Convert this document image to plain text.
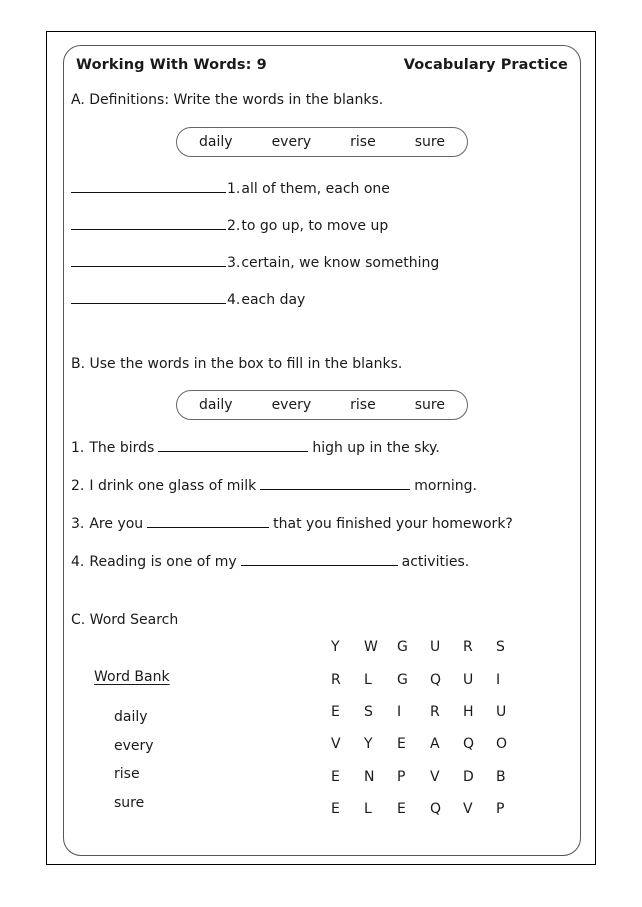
Working With Words: 9	Vocabulary Practice
A. Definitions: Write the words in the blanks.
daily	every	rise	sure
1. all of them, each one
2. to go up, to move up
3. certain, we know something
4. each day
B. Use the words in the box to fill in the blanks.
daily	every	rise	sure
1. The birds	high up in the sky.
2. I drink one glass of milk	morning.
3. Are you	that you finished your homework?
4. Reading is one of my	activities.
C. Word Search
Word Bank
daily
every
rise
sure
Y	W	G	U	R	S
R	L	G	Q	U	I
E	S	I	R	H	U
V	Y	E	A	Q	O
E	N	P	V	D	B
E	L	E	Q	V	P
